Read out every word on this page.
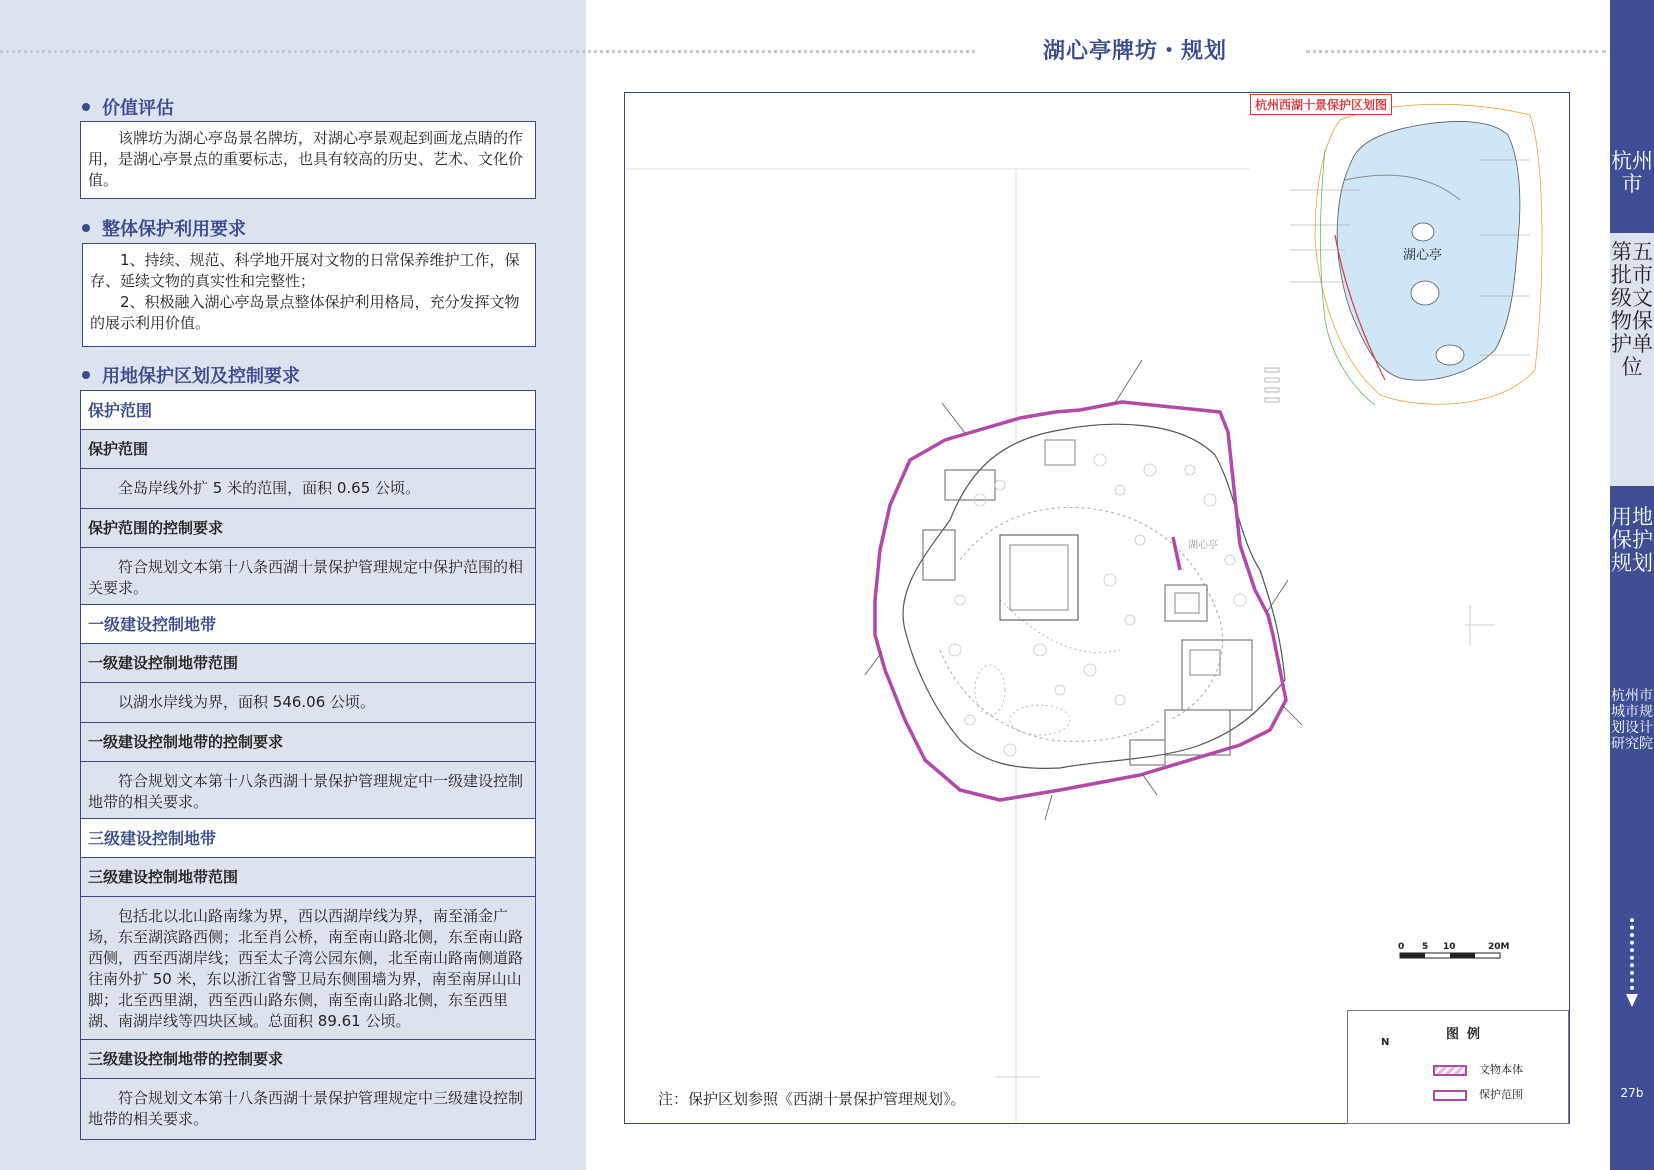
湖心亭牌坊・规划
价值评估

该牌坊为湖心亭岛景名牌坊，对湖心亭景观起到画龙点睛的作用，是湖心亭景点的重要标志，也具有较高的历史、艺术、文化价值。

整体保护利用要求

1、持续、规范、科学地开展对文物的日常保养维护工作，保存、延续文物的真实性和完整性；

2、积极融入湖心亭岛景点整体保护利用格局，充分发挥文物的展示利用价值。

用地保护区划及控制要求
保护范围
保护范围
全岛岸线外扩 5 米的范围，面积 0.65 公顷。
保护范围的控制要求
符合规划文本第十八条西湖十景保护管理规定中保护范围的相关要求。
一级建设控制地带
一级建设控制地带范围
以湖水岸线为界，面积 546.06 公顷。
一级建设控制地带的控制要求
符合规划文本第十八条西湖十景保护管理规定中一级建设控制地带的相关要求。
三级建设控制地带
三级建设控制地带范围
包括北以北山路南缘为界，西以西湖岸线为界，南至涌金广场，东至湖滨路西侧；北至肖公桥，南至南山路北侧，东至南山路西侧，西至西湖岸线；西至太子湾公园东侧，北至南山路南侧道路往南外扩 50 米，东以浙江省警卫局东侧围墙为界，南至南屏山山脚；北至西里湖，西至西山路东侧，南至南山路北侧，东至西里湖、南湖岸线等四块区域。总面积 89.61 公顷。
三级建设控制地带的控制要求
符合规划文本第十八条西湖十景保护管理规定中三级建设控制地带的相关要求。
湖心亭
杭州西湖十景保护区划图
湖心亭
0 5 10	20M
图例
N
文物本体
保护范围
注：保护区划参照《西湖十景保护管理规划》。
杭州市
第五批市级文物保护单位
用地保护规划
杭州市城市规划设计研究院
27b
